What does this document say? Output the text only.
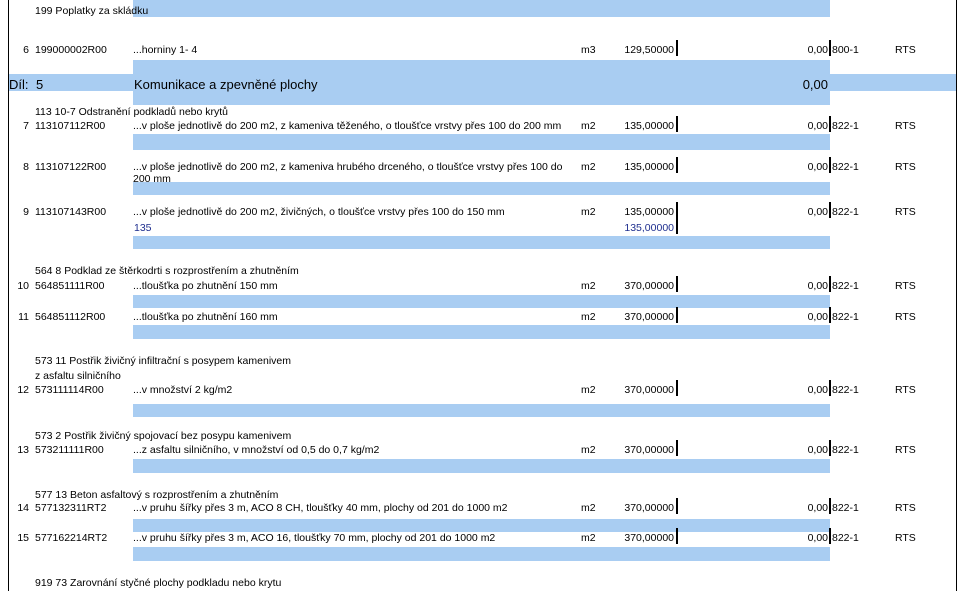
199 Poplatky za skládku
6 199000002R00 ...horniny 1- 4	m3	129,50000	0,00 800-1	RTS
Díl: 5	Komunikace a zpevněné plochy	0,00
113 10-7 Odstranění podkladů nebo krytů
7 113107112R00	...v ploše jednotlivě do 200 m2, z kameniva těženého, o tloušťce vrstvy přes 100 do 200 mm	m2	135,00000	0,00 822-1	RTS
8 113107122R00	...v ploše jednotlivě do 200 m2, z kameniva hrubého drceného, o tloušťce vrstvy přes 100 do 200 mm
m2	135,00000	0,00 822-1	RTS
9 113107143R00	...v ploše jednotlivě do 200 m2, živičných, o tloušťce vrstvy přes 100 do 150 mm	m2	135,00000	0,00 822-1	RTS
135	135,00000
564 8 Podklad ze štěrkodrti s rozprostřením a zhutněním
10 564851111R00	...tloušťka po zhutnění 150 mm	m2	370,00000	0,00 822-1	RTS
11 564851112R00	...tloušťka po zhutnění 160 mm	m2	370,00000	0,00 822-1	RTS
573 11 Postřik živičný infiltrační s posypem kamenivem
z asfaltu silničního
12 573111114R00	...v množství 2 kg/m2	m2	370,00000	0,00 822-1	RTS
573 2 Postřik živičný spojovací bez posypu kamenivem
13 573211111R00	...z asfaltu silničního, v množství od 0,5 do 0,7 kg/m2	m2	370,00000	0,00 822-1	RTS
577 13 Beton asfaltový s rozprostřením a zhutněním
14 577132311RT2	...v pruhu šířky přes 3 m, ACO 8 CH, tloušťky 40 mm, plochy od 201 do 1000 m2	m2	370,00000	0,00 822-1	RTS
15 577162214RT2 ...v pruhu šířky přes 3 m, ACO 16, tloušťky 70 mm, plochy od 201 do 1000 m2	m2	370,00000	0,00 822-1	RTS
919 73 Zarovnání styčné plochy podkladu nebo krytu
